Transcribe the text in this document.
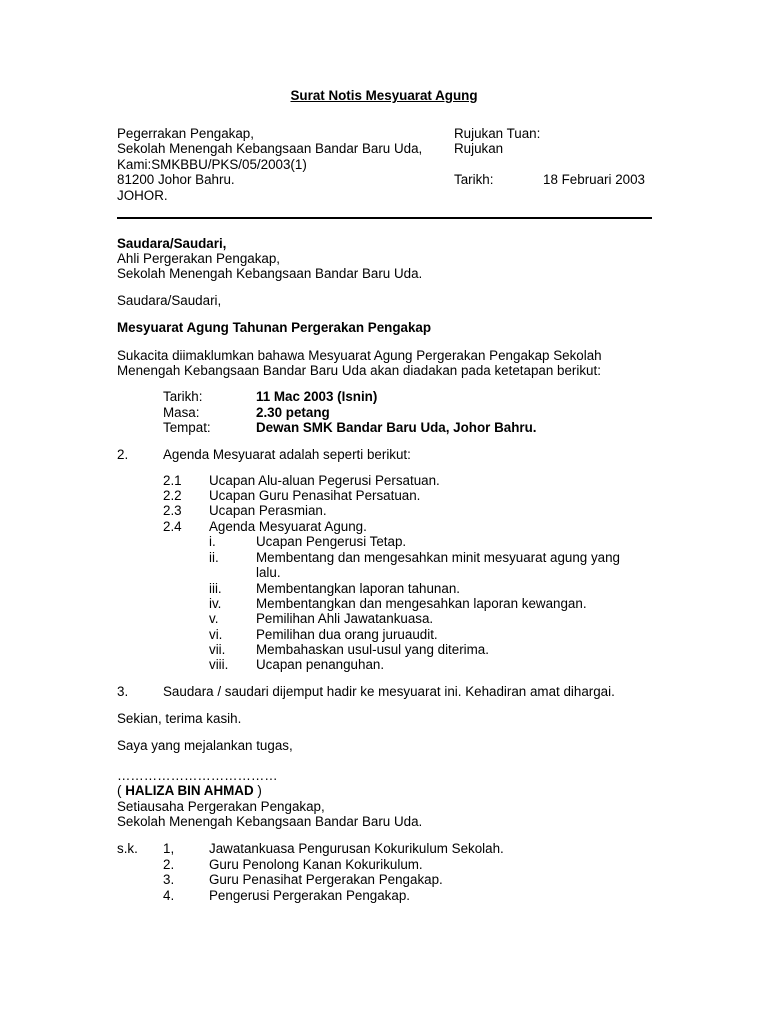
Surat Notis Mesyuarat Agung
Pegerrakan Pengakap,
Sekolah Menengah Kebangsaan Bandar Baru Uda,
Kami:SMKBBU/PKS/05/2003(1)
81200 Johor Bahru.
JOHOR.
Rujukan Tuan:
Rujukan
Tarikh:	18 Februari 2003
Saudara/Saudari,
Ahli Pergerakan Pengakap,
Sekolah Menengah Kebangsaan Bandar Baru Uda.
Saudara/Saudari,
Mesyuarat Agung Tahunan Pergerakan Pengakap
Sukacita diimaklumkan bahawa Mesyuarat Agung Pergerakan Pengakap Sekolah
Menengah Kebangsaan Bandar Baru Uda akan diadakan pada ketetapan berikut:
Tarikh:	11 Mac 2003 (Isnin)
Masa:	2.30 petang
Tempat:	Dewan SMK Bandar Baru Uda, Johor Bahru.
2.	Agenda Mesyuarat adalah seperti berikut:
2.1 Ucapan Alu-aluan Pegerusi Persatuan.
2.2 Ucapan Guru Penasihat Persatuan.
2.3 Ucapan Perasmian.
2.4 Agenda Mesyuarat Agung.
i.	Ucapan Pengerusi Tetap.
ii.	Membentang dan mengesahkan minit mesyuarat agung yang
lalu.
iii.	Membentangkan laporan tahunan.
iv.	Membentangkan dan mengesahkan laporan kewangan.
v.	Pemilihan Ahli Jawatankuasa.
vi.	Pemilihan dua orang juruaudit.
vii. Membahaskan usul-usul yang diterima.
viii. Ucapan penanguhan.
3.	Saudara / saudari dijemput hadir ke mesyuarat ini. Kehadiran amat dihargai.
Sekian, terima kasih.
Saya yang mejalankan tugas,
………………………………
( HALIZA BIN AHMAD )
Setiausaha Pergerakan Pengakap,
Sekolah Menengah Kebangsaan Bandar Baru Uda.
s.k. 1,	Jawatankuasa Pengurusan Kokurikulum Sekolah.
2.	Guru Penolong Kanan Kokurikulum.
3.	Guru Penasihat Pergerakan Pengakap.
4.	Pengerusi Pergerakan Pengakap.
